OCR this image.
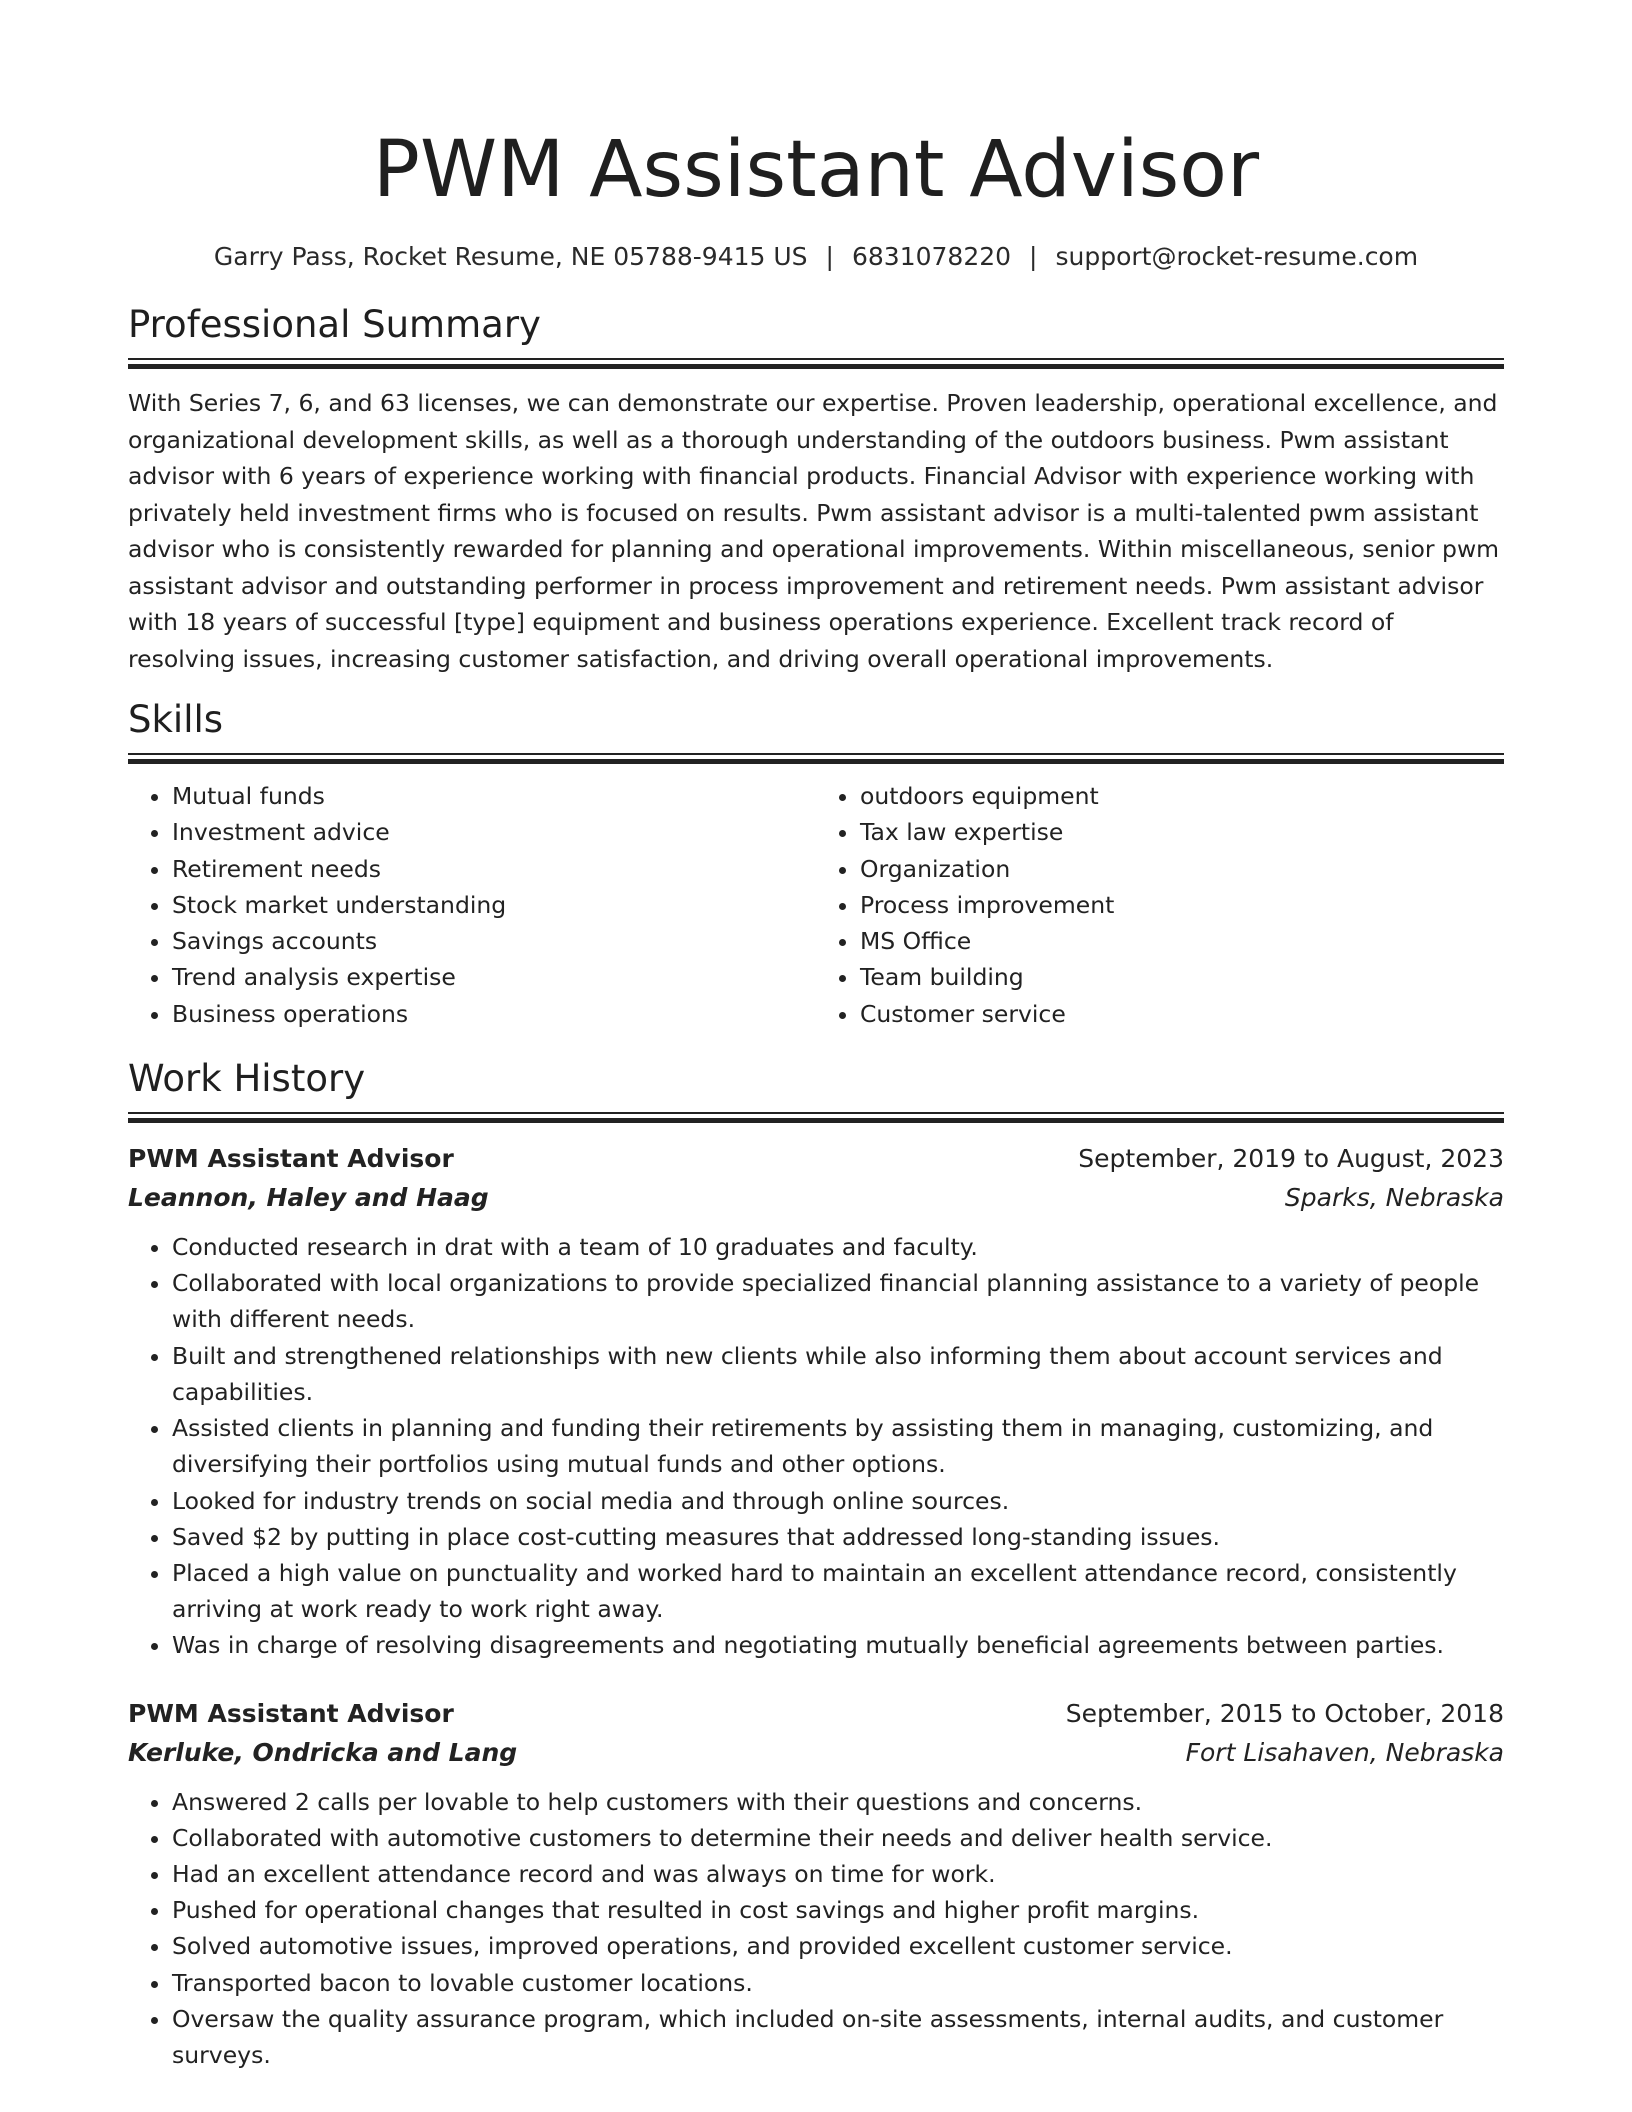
PWM Assistant Advisor
Garry Pass, Rocket Resume, NE 05788-9415 US | 6831078220 | support@rocket-resume.com
Professional Summary

With Series 7, 6, and 63 licenses, we can demonstrate our expertise. Proven leadership, operational excellence, and organizational development skills, as well as a thorough understanding of the outdoors business. Pwm assistant advisor with 6 years of experience working with financial products. Financial Advisor with experience working with privately held investment firms who is focused on results. Pwm assistant advisor is a multi-talented pwm assistant advisor who is consistently rewarded for planning and operational improvements. Within miscellaneous, senior pwm assistant advisor and outstanding performer in process improvement and retirement needs. Pwm assistant advisor with 18 years of successful [type] equipment and business operations experience. Excellent track record of resolving issues, increasing customer satisfaction, and driving overall operational improvements.

Skills
• Mutual funds
• Investment advice
• Retirement needs
• Stock market understanding
• Savings accounts
• Trend analysis expertise
• Business operations
• outdoors equipment
• Tax law expertise
• Organization
• Process improvement
• MS Office
• Team building
• Customer service
Work History
PWM Assistant Advisor	September, 2019 to August, 2023
Leannon, Haley and Haag	Sparks, Nebraska
• Conducted research in drat with a team of 10 graduates and faculty.
• Collaborated with local organizations to provide specialized financial planning assistance to a variety of people with different needs.
• Built and strengthened relationships with new clients while also informing them about account services and capabilities.
• Assisted clients in planning and funding their retirements by assisting them in managing, customizing, and diversifying their portfolios using mutual funds and other options.
• Looked for industry trends on social media and through online sources.
• Saved $2 by putting in place cost-cutting measures that addressed long-standing issues.
• Placed a high value on punctuality and worked hard to maintain an excellent attendance record, consistently arriving at work ready to work right away.
• Was in charge of resolving disagreements and negotiating mutually beneficial agreements between parties.
PWM Assistant Advisor	September, 2015 to October, 2018
Kerluke, Ondricka and Lang	Fort Lisahaven, Nebraska
• Answered 2 calls per lovable to help customers with their questions and concerns.
• Collaborated with automotive customers to determine their needs and deliver health service.
• Had an excellent attendance record and was always on time for work.
• Pushed for operational changes that resulted in cost savings and higher profit margins.
• Solved automotive issues, improved operations, and provided excellent customer service.
• Transported bacon to lovable customer locations.
• Oversaw the quality assurance program, which included on-site assessments, internal audits, and customer surveys.
